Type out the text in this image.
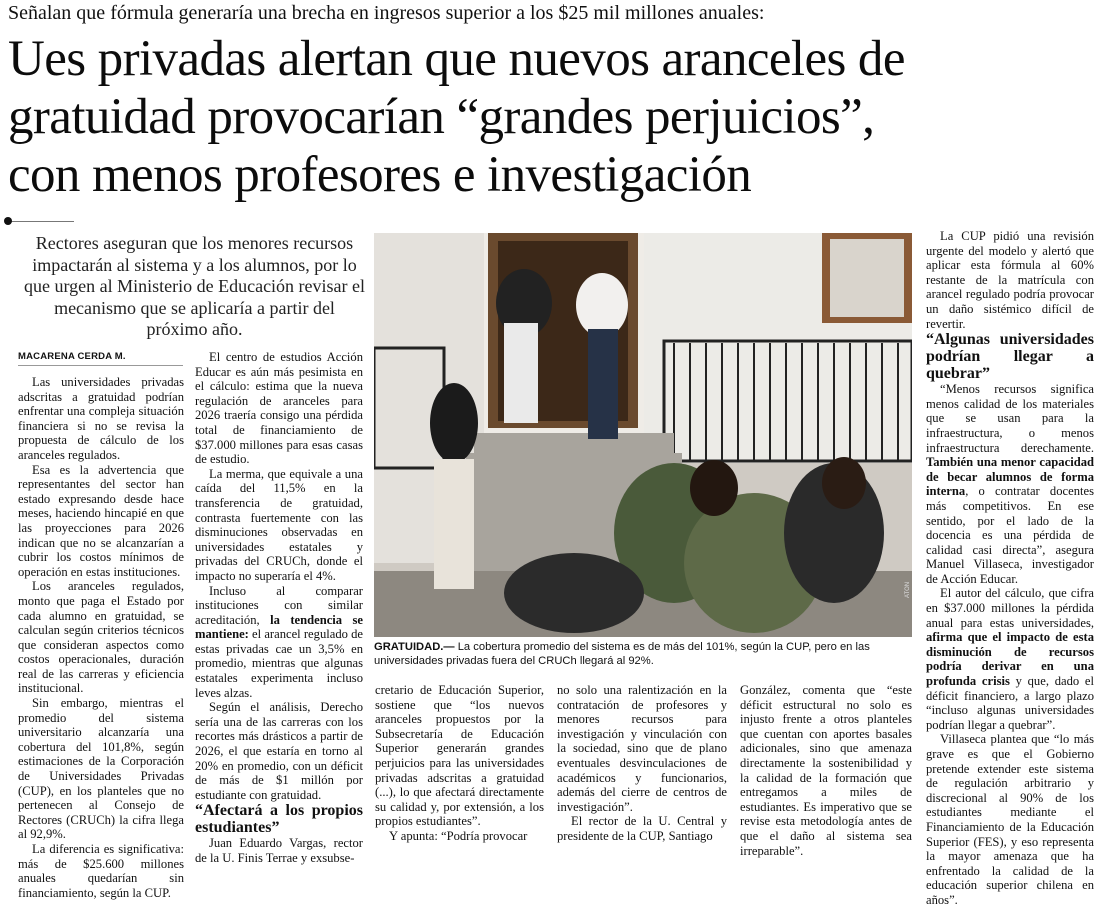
Señalan que fórmula generaría una brecha en ingresos superior a los $25 mil millones anuales:
Ues privadas alertan que nuevos aranceles de
gratuidad provocarían “grandes perjuicios”,
con menos profesores e investigación
Rectores aseguran que los menores recursos impactarán al sistema y a los alumnos, por lo que urgen al Ministerio de Educación revisar el mecanismo que se aplicaría a partir del próximo año.
MACARENA CERDA M.

Las universidades privadas adscritas a gratuidad podrían enfrentar una compleja situación financiera si no se revisa la propuesta de cálculo de los aranceles regulados.

Esa es la advertencia que representantes del sector han estado expresando desde hace meses, haciendo hincapié en que las proyecciones para 2026 indican que no se alcanzarían a cubrir los costos mínimos de operación en estas instituciones.

Los aranceles regulados, monto que paga el Estado por cada alumno en gratuidad, se calculan según criterios técnicos que consideran aspectos como costos operacionales, duración real de las carreras y eficiencia institucional.

Sin embargo, mientras el promedio del sistema universitario alcanzaría una cobertura del 101,8%, según estimaciones de la Corporación de Universidades Privadas (CUP), en los planteles que no pertenecen al Consejo de Rectores (CRUCh) la cifra llega al 92,9%.

La diferencia es significativa: más de $25.600 millones anuales quedarían sin financiamiento, según la CUP.

El centro de estudios Acción Educar es aún más pesimista en el cálculo: estima que la nueva regulación de aranceles para 2026 traería consigo una pérdida total de financiamiento de $37.000 millones para esas casas de estudio.

La merma, que equivale a una caída del 11,5% en la transferencia de gratuidad, contrasta fuertemente con las disminuciones observadas en universidades estatales y privadas del CRUCh, donde el impacto no superaría el 4%.

Incluso al comparar instituciones con similar acreditación, la tendencia se mantiene: el arancel regulado de estas privadas cae un 3,5% en promedio, mientras que algunas estatales experimenta incluso leves alzas.

Según el análisis, Derecho sería una de las carreras con los recortes más drásticos a partir de 2026, el que estaría en torno al 20% en promedio, con un déficit de más de $1 millón por estudiante con gratuidad.

“Afectará a los propios estudiantes”

Juan Eduardo Vargas, rector de la U. Finis Terrae y exsubse-

ATON
GRATUIDAD.— La cobertura promedio del sistema es de más del 101%, según la CUP, pero en las universidades privadas fuera del CRUCh llegará al 92%.

cretario de Educación Superior, sostiene que “los nuevos aranceles propuestos por la Subsecretaría de Educación Superior generarán grandes perjuicios para las universidades privadas adscritas a gratuidad (...), lo que afectará directamente su calidad y, por extensión, a los propios estudiantes”.

Y apunta: “Podría provocar

no solo una ralentización en la contratación de profesores y menores recursos para investigación y vinculación con la sociedad, sino que de plano eventuales desvinculaciones de académicos y funcionarios, además del cierre de centros de investigación”.

El rector de la U. Central y presidente de la CUP, Santiago

González, comenta que “este déficit estructural no solo es injusto frente a otros planteles que cuentan con aportes basales adicionales, sino que amenaza directamente la sostenibilidad y la calidad de la formación que entregamos a miles de estudiantes. Es imperativo que se revise esta metodología antes de que el daño al sistema sea irreparable”.

La CUP pidió una revisión urgente del modelo y alertó que aplicar esta fórmula al 60% restante de la matrícula con arancel regulado podría provocar un daño sistémico difícil de revertir.

“Algunas universidades podrían llegar a quebrar”

“Menos recursos significa menos calidad de los materiales que se usan para la infraestructura, o menos infraestructura derechamente. También una menor capacidad de becar alumnos de forma interna, o contratar docentes más competitivos. En ese sentido, por el lado de la docencia es una pérdida de calidad casi directa”, asegura Manuel Villaseca, investigador de Acción Educar.

El autor del cálculo, que cifra en $37.000 millones la pérdida anual para estas universidades, afirma que el impacto de esta disminución de recursos podría derivar en una profunda crisis y que, dado el déficit financiero, a largo plazo “incluso algunas universidades podrían llegar a quebrar”.

Villaseca plantea que “lo más grave es que el Gobierno pretende extender este sistema de regulación arbitrario y discrecional al 90% de los estudiantes mediante el Financiamiento de la Educación Superior (FES), y eso representa la mayor amenaza que ha enfrentado la calidad de la educación superior chilena en años”.
